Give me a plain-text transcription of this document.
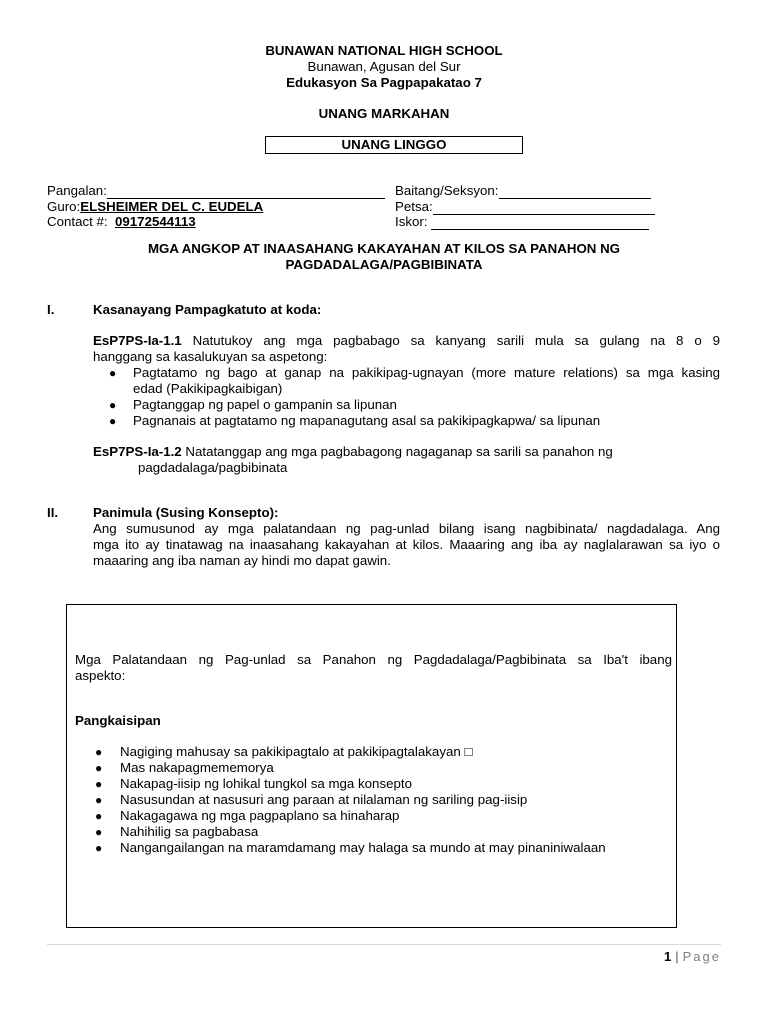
BUNAWAN NATIONAL HIGH SCHOOL
Bunawan, Agusan del Sur
Edukasyon Sa Pagpapakatao 7
UNANG MARKAHAN
UNANG LINGGO
Pangalan:	Baitang/Seksyon:
Guro:ELSHEIMER DEL C. EUDELA	Petsa:
Contact #: 09172544113	Iskor:
MGA ANGKOP AT INAASAHANG KAKAYAHAN AT KILOS SA PANAHON NG
PAGDADALAGA/PAGBIBINATA
I.	Kasanayang Pampagkatuto at koda:
EsP7PS-Ia-1.1 Natutukoy ang mga pagbabago sa kanyang sarili mula sa gulang na 8 o 9
hanggang sa kasalukuyan sa aspetong:
● Pagtatamo ng bago at ganap na pakikipag-ugnayan (more mature relations) sa mga kasing
edad (Pakikipagkaibigan)
● Pagtanggap ng papel o gampanin sa lipunan
● Pagnanais at pagtatamo ng mapanagutang asal sa pakikipagkapwa/ sa lipunan
EsP7PS-Ia-1.2 Natatanggap ang mga pagbabagong nagaganap sa sarili sa panahon ng
pagdadalaga/pagbibinata
II.	Panimula (Susing Konsepto):
Ang sumusunod ay mga palatandaan ng pag-unlad bilang isang nagbibinata/ nagdadalaga. Ang
mga ito ay tinatawag na inaasahang kakayahan at kilos. Maaaring ang iba ay naglalarawan sa iyo o
maaaring ang iba naman ay hindi mo dapat gawin.
Mga Palatandaan ng Pag-unlad sa Panahon ng Pagdadalaga/Pagbibinata sa Iba't ibang
aspekto:
Pangkaisipan
● Nagiging mahusay sa pakikipagtalo at pakikipagtalakayan □
● Mas nakapagmememorya
● Nakapag-iisip ng lohikal tungkol sa mga konsepto
● Nasusundan at nasusuri ang paraan at nilalaman ng sariling pag-iisip
● Nakagagawa ng mga pagpaplano sa hinaharap
● Nahihilig sa pagbabasa
● Nangangailangan na maramdamang may halaga sa mundo at may pinaniniwalaan
1 | Page
